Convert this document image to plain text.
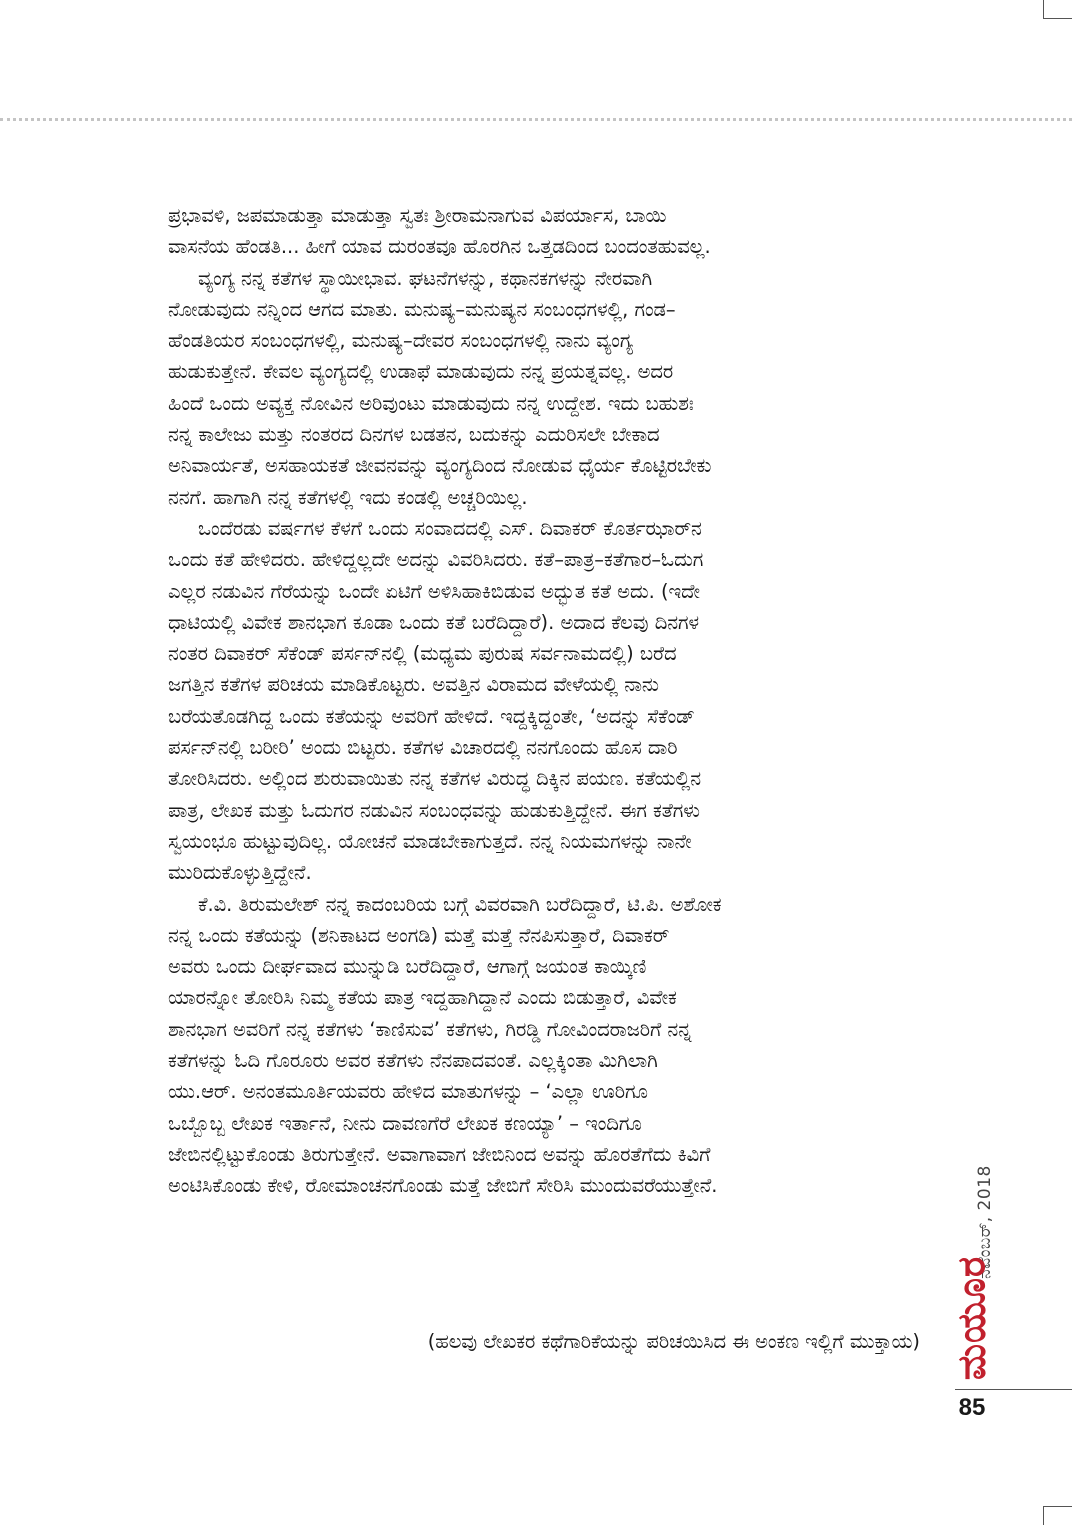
ಪ್ರಭಾವಳಿ, ಜಪಮಾಡುತ್ತಾ ಮಾಡುತ್ತಾ ಸ್ವತಃ ಶ್ರೀರಾಮನಾಗುವ ವಿಪರ್ಯಾಸ, ಬಾಯಿ
ವಾಸನೆಯ ಹೆಂಡತಿ... ಹೀಗೆ ಯಾವ ದುರಂತವೂ ಹೊರಗಿನ ಒತ್ತಡದಿಂದ ಬಂದಂತಹುವಲ್ಲ.

ವ್ಯಂಗ್ಯ ನನ್ನ ಕತೆಗಳ ಸ್ಥಾಯೀಭಾವ. ಘಟನೆಗಳನ್ನು, ಕಥಾನಕಗಳನ್ನು ನೇರವಾಗಿ
ನೋಡುವುದು ನನ್ನಿಂದ ಆಗದ ಮಾತು. ಮನುಷ್ಯ–ಮನುಷ್ಯನ ಸಂಬಂಧಗಳಲ್ಲಿ, ಗಂಡ–
ಹೆಂಡತಿಯರ ಸಂಬಂಧಗಳಲ್ಲಿ, ಮನುಷ್ಯ–ದೇವರ ಸಂಬಂಧಗಳಲ್ಲಿ ನಾನು ವ್ಯಂಗ್ಯ
ಹುಡುಕುತ್ತೇನೆ. ಕೇವಲ ವ್ಯಂಗ್ಯದಲ್ಲಿ ಉಡಾಫೆ ಮಾಡುವುದು ನನ್ನ ಪ್ರಯತ್ನವಲ್ಲ. ಅದರ
ಹಿಂದೆ ಒಂದು ಅವ್ಯಕ್ತ ನೋವಿನ ಅರಿವುಂಟು ಮಾಡುವುದು ನನ್ನ ಉದ್ದೇಶ. ಇದು ಬಹುಶಃ
ನನ್ನ ಕಾಲೇಜು ಮತ್ತು ನಂತರದ ದಿನಗಳ ಬಡತನ, ಬದುಕನ್ನು ಎದುರಿಸಲೇ ಬೇಕಾದ
ಅನಿವಾರ್ಯತೆ, ಅಸಹಾಯಕತೆ ಜೀವನವನ್ನು ವ್ಯಂಗ್ಯದಿಂದ ನೋಡುವ ಧೈರ್ಯ ಕೊಟ್ಟಿರಬೇಕು
ನನಗೆ. ಹಾಗಾಗಿ ನನ್ನ ಕತೆಗಳಲ್ಲಿ ಇದು ಕಂಡಲ್ಲಿ ಅಚ್ಚರಿಯಿಲ್ಲ.

ಒಂದೆರಡು ವರ್ಷಗಳ ಕೆಳಗೆ ಒಂದು ಸಂವಾದದಲ್ಲಿ ಎಸ್. ದಿವಾಕರ್ ಕೊರ್ತಝಾರ್‌ನ
ಒಂದು ಕತೆ ಹೇಳಿದರು. ಹೇಳಿದ್ದಲ್ಲದೇ ಅದನ್ನು ವಿವರಿಸಿದರು. ಕತೆ–ಪಾತ್ರ–ಕತೆಗಾರ–ಓದುಗ
ಎಲ್ಲರ ನಡುವಿನ ಗೆರೆಯನ್ನು ಒಂದೇ ಏಟಿಗೆ ಅಳಿಸಿಹಾಕಿಬಿಡುವ ಅದ್ಭುತ ಕತೆ ಅದು. (ಇದೇ
ಧಾಟಿಯಲ್ಲಿ ವಿವೇಕ ಶಾನಭಾಗ ಕೂಡಾ ಒಂದು ಕತೆ ಬರೆದಿದ್ದಾರೆ). ಅದಾದ ಕೆಲವು ದಿನಗಳ
ನಂತರ ದಿವಾಕರ್ ಸೆಕೆಂಡ್ ಪರ್ಸನ್‌ನಲ್ಲಿ (ಮಧ್ಯಮ ಪುರುಷ ಸರ್ವನಾಮದಲ್ಲಿ) ಬರೆದ
ಜಗತ್ತಿನ ಕತೆಗಳ ಪರಿಚಯ ಮಾಡಿಕೊಟ್ಟರು. ಅವತ್ತಿನ ವಿರಾಮದ ವೇಳೆಯಲ್ಲಿ ನಾನು
ಬರೆಯತೊಡಗಿದ್ದ ಒಂದು ಕತೆಯನ್ನು ಅವರಿಗೆ ಹೇಳಿದೆ. ಇದ್ದಕ್ಕಿದ್ದಂತೇ, ‘ಅದನ್ನು ಸೆಕೆಂಡ್
ಪರ್ಸನ್‌ನಲ್ಲಿ ಬರೀರಿ’ ಅಂದು ಬಿಟ್ಟರು. ಕತೆಗಳ ವಿಚಾರದಲ್ಲಿ ನನಗೊಂದು ಹೊಸ ದಾರಿ
ತೋರಿಸಿದರು. ಅಲ್ಲಿಂದ ಶುರುವಾಯಿತು ನನ್ನ ಕತೆಗಳ ವಿರುದ್ಧ ದಿಕ್ಕಿನ ಪಯಣ. ಕತೆಯಲ್ಲಿನ
ಪಾತ್ರ, ಲೇಖಕ ಮತ್ತು ಓದುಗರ ನಡುವಿನ ಸಂಬಂಧವನ್ನು ಹುಡುಕುತ್ತಿದ್ದೇನೆ. ಈಗ ಕತೆಗಳು
ಸ್ವಯಂಭೂ ಹುಟ್ಟುವುದಿಲ್ಲ. ಯೋಚನೆ ಮಾಡಬೇಕಾಗುತ್ತದೆ. ನನ್ನ ನಿಯಮಗಳನ್ನು ನಾನೇ
ಮುರಿದುಕೊಳ್ಳುತ್ತಿದ್ದೇನೆ.

ಕೆ.ವಿ. ತಿರುಮಲೇಶ್ ನನ್ನ ಕಾದಂಬರಿಯ ಬಗ್ಗೆ ವಿವರವಾಗಿ ಬರೆದಿದ್ದಾರೆ, ಟಿ.ಪಿ. ಅಶೋಕ
ನನ್ನ ಒಂದು ಕತೆಯನ್ನು (ಶನಿಕಾಟದ ಅಂಗಡಿ) ಮತ್ತೆ ಮತ್ತೆ ನೆನಪಿಸುತ್ತಾರೆ, ದಿವಾಕರ್
ಅವರು ಒಂದು ದೀರ್ಘವಾದ ಮುನ್ನುಡಿ ಬರೆದಿದ್ದಾರೆ, ಆಗಾಗ್ಗೆ ಜಯಂತ ಕಾಯ್ಕಿಣಿ
ಯಾರನ್ನೋ ತೋರಿಸಿ ನಿಮ್ಮ ಕತೆಯ ಪಾತ್ರ ಇದ್ದಹಾಗಿದ್ದಾನೆ ಎಂದು ಬಿಡುತ್ತಾರೆ, ವಿವೇಕ
ಶಾನಭಾಗ ಅವರಿಗೆ ನನ್ನ ಕತೆಗಳು ‘ಕಾಣಿಸುವ’ ಕತೆಗಳು, ಗಿರಡ್ಡಿ ಗೋವಿಂದರಾಜರಿಗೆ ನನ್ನ
ಕತೆಗಳನ್ನು ಓದಿ ಗೊರೂರು ಅವರ ಕತೆಗಳು ನೆನಪಾದವಂತೆ. ಎಲ್ಲಕ್ಕಿಂತಾ ಮಿಗಿಲಾಗಿ
ಯು.ಆರ್. ಅನಂತಮೂರ್ತಿಯವರು ಹೇಳಿದ ಮಾತುಗಳನ್ನು – ‘ಎಲ್ಲಾ ಊರಿಗೂ
ಒಬ್ಬೊಬ್ಬ ಲೇಖಕ ಇರ್ತಾನೆ, ನೀನು ದಾವಣಗೆರೆ ಲೇಖಕ ಕಣಯ್ಯಾ’ – ಇಂದಿಗೂ
ಜೇಬಿನಲ್ಲಿಟ್ಟುಕೊಂಡು ತಿರುಗುತ್ತೇನೆ. ಅವಾಗಾವಾಗ ಜೇಬಿನಿಂದ ಅವನ್ನು ಹೊರತೆಗೆದು ಕಿವಿಗೆ
ಅಂಟಿಸಿಕೊಂಡು ಕೇಳಿ, ರೋಮಾಂಚನಗೊಂಡು ಮತ್ತೆ ಜೇಬಿಗೆ ಸೇರಿಸಿ ಮುಂದುವರೆಯುತ್ತೇನೆ.

(ಹಲವು ಲೇಖಕರ ಕಥೆಗಾರಿಕೆಯನ್ನು ಪರಿಚಯಿಸಿದ ಈ ಅಂಕಣ ಇಲ್ಲಿಗೆ ಮುಕ್ತಾಯ)
ನವೆಂಬರ್, 2018
ಮಯೂರ
85
